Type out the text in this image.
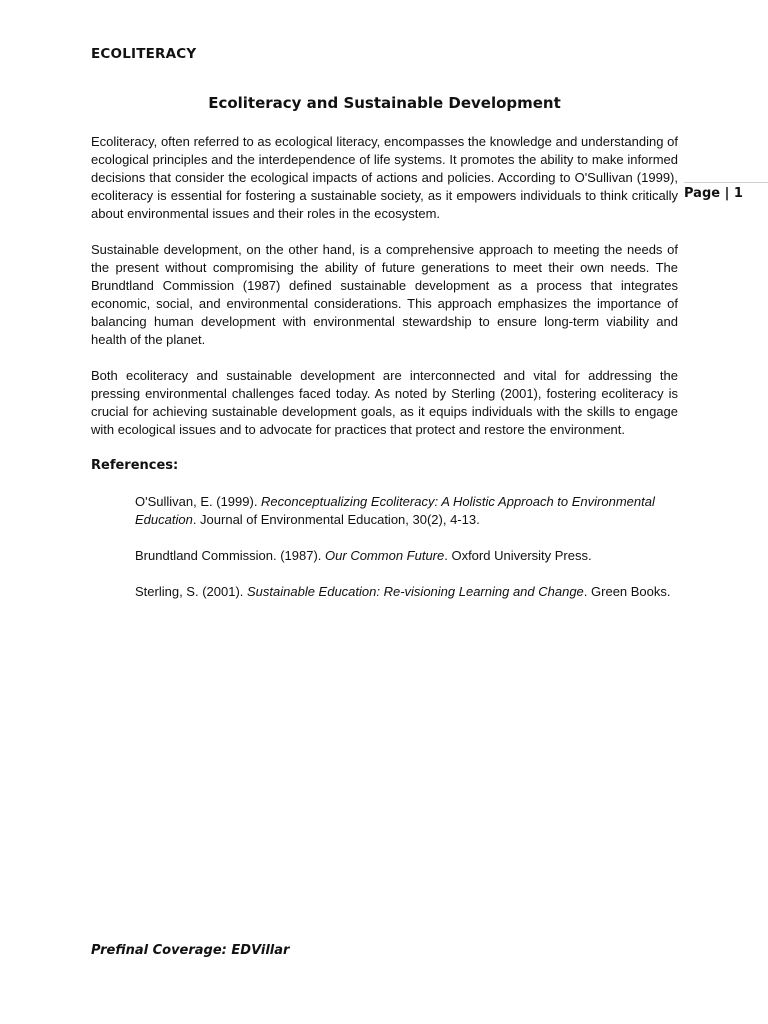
ECOLITERACY
Ecoliteracy and Sustainable Development
Page | 1

Ecoliteracy, often referred to as ecological literacy, encompasses the knowledge and understanding of ecological principles and the interdependence of life systems. It promotes the ability to make informed decisions that consider the ecological impacts of actions and policies. According to O'Sullivan (1999), ecoliteracy is essential for fostering a sustainable society, as it empowers individuals to think critically about environmental issues and their roles in the ecosystem.

Sustainable development, on the other hand, is a comprehensive approach to meeting the needs of the present without compromising the ability of future generations to meet their own needs. The Brundtland Commission (1987) defined sustainable development as a process that integrates economic, social, and environmental considerations. This approach emphasizes the importance of balancing human development with environmental stewardship to ensure long-term viability and health of the planet.

Both ecoliteracy and sustainable development are interconnected and vital for addressing the pressing environmental challenges faced today. As noted by Sterling (2001), fostering ecoliteracy is crucial for achieving sustainable development goals, as it equips individuals with the skills to engage with ecological issues and to advocate for practices that protect and restore the environment.

References:
O'Sullivan, E. (1999). Reconceptualizing Ecoliteracy: A Holistic Approach to Environmental Education. Journal of Environmental Education, 30(2), 4-13.
Brundtland Commission. (1987). Our Common Future. Oxford University Press.
Sterling, S. (2001). Sustainable Education: Re-visioning Learning and Change. Green Books.
Prefinal Coverage: EDVillar
